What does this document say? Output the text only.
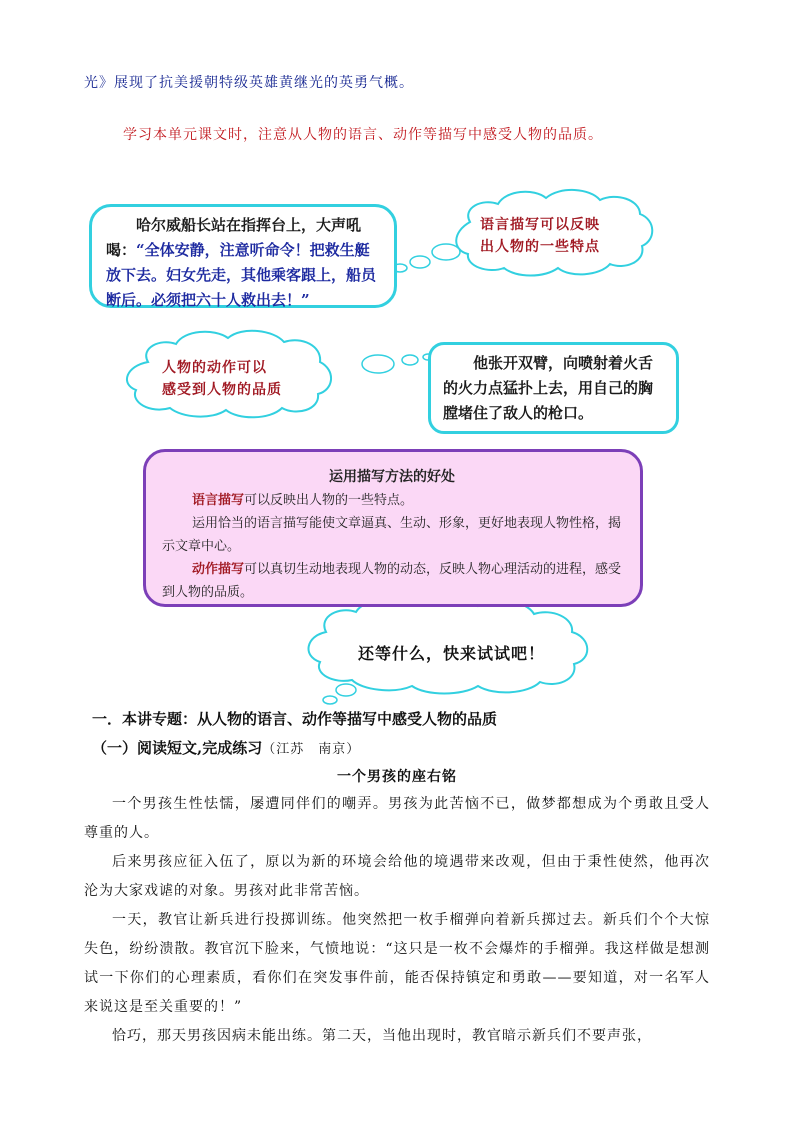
光》展现了抗美援朝特级英雄黄继光的英勇气概。
学习本单元课文时，注意从人物的语言、动作等描写中感受人物的品质。
哈尔威船长站在指挥台上，大声吼喝：“全体安静，注意听命令！把救生艇放下去。妇女先走，其他乘客跟上，船员断后。必须把六十人救出去！”
语言描写可以反映
出人物的一些特点
人物的动作可以
感受到人物的品质
他张开双臂，向喷射着火舌的火力点猛扑上去，用自己的胸膛堵住了敌人的枪口。
运用描写方法的好处
语言描写可以反映出人物的一些特点。
运用恰当的语言描写能使文章逼真、生动、形象，更好地表现人物性格，揭示文章中心。
动作描写可以真切生动地表现人物的动态，反映人物心理活动的进程，感受到人物的品质。
还等什么，快来试试吧！
一．本讲专题：从人物的语言、动作等描写中感受人物的品质
（一）阅读短文,完成练习（江苏　南京）
一个男孩的座右铭

一个男孩生性怯懦，屡遭同伴们的嘲弄。男孩为此苦恼不已，做梦都想成为个勇敢且受人尊重的人。

后来男孩应征入伍了，原以为新的环境会给他的境遇带来改观，但由于秉性使然，他再次沦为大家戏谑的对象。男孩对此非常苦恼。

一天，教官让新兵进行投掷训练。他突然把一枚手榴弹向着新兵掷过去。新兵们个个大惊失色，纷纷溃散。教官沉下脸来，气愤地说：“这只是一枚不会爆炸的手榴弹。我这样做是想测试一下你们的心理素质，看你们在突发事件前，能否保持镇定和勇敢——要知道，对一名军人来说这是至关重要的！”

恰巧，那天男孩因病未能出练。第二天，当他出现时，教官暗示新兵们不要声张，
